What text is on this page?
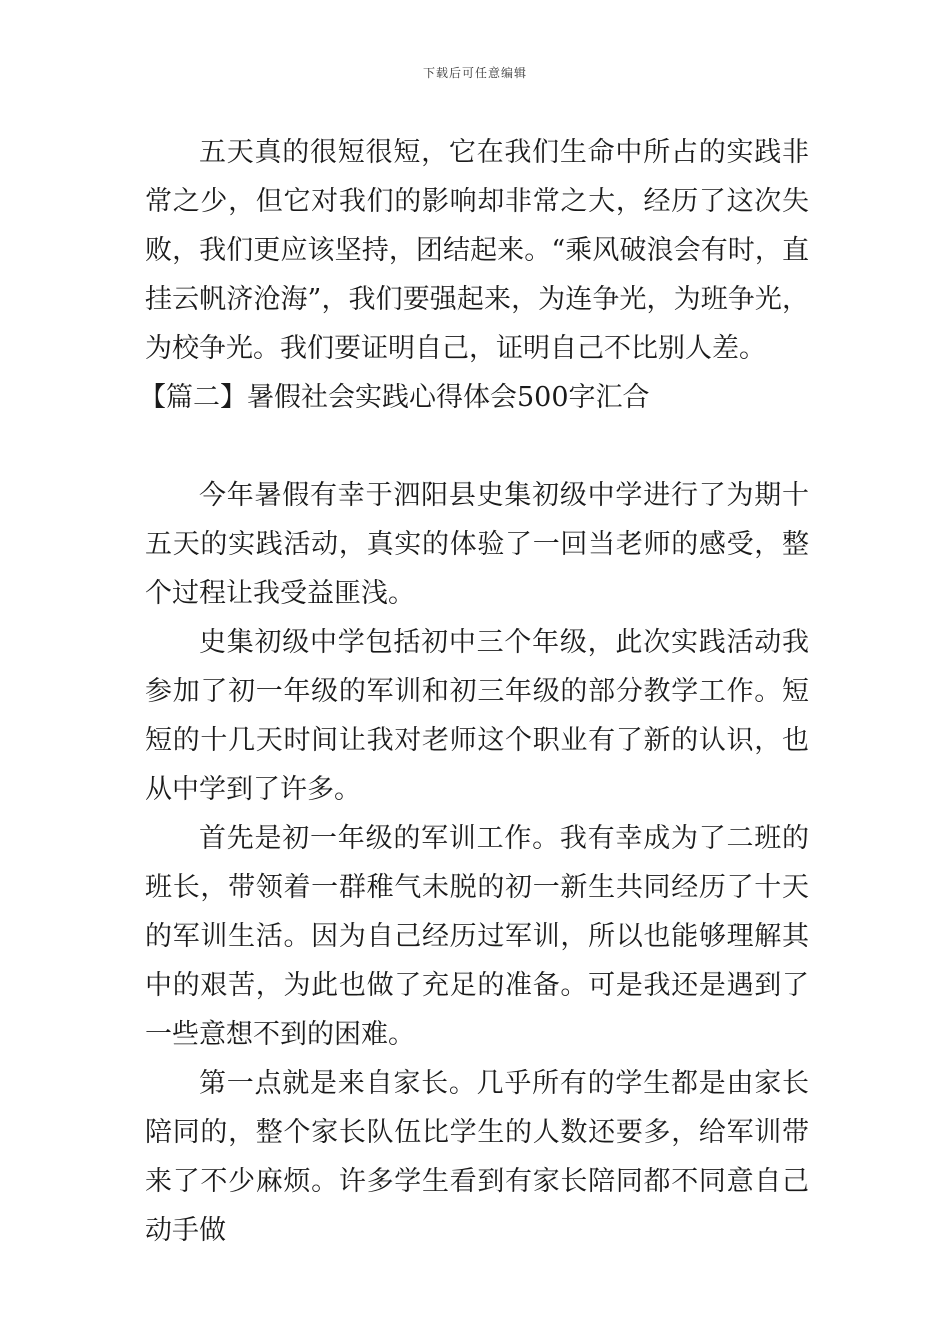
下载后可任意编辑

五天真的很短很短，它在我们生命中所占的实践非常之少，但它对我们的影响却非常之大，经历了这次失败，我们更应该坚持，团结起来。“乘风破浪会有时，直挂云帆济沧海”，我们要强起来，为连争光，为班争光，为校争光。我们要证明自己，证明自己不比别人差。

【篇二】暑假社会实践心得体会500字汇合

今年暑假有幸于泗阳县史集初级中学进行了为期十五天的实践活动，真实的体验了一回当老师的感受，整个过程让我受益匪浅。

史集初级中学包括初中三个年级，此次实践活动我参加了初一年级的军训和初三年级的部分教学工作。短短的十几天时间让我对老师这个职业有了新的认识，也从中学到了许多。

首先是初一年级的军训工作。我有幸成为了二班的班长，带领着一群稚气未脱的初一新生共同经历了十天的军训生活。因为自己经历过军训，所以也能够理解其中的艰苦，为此也做了充足的准备。可是我还是遇到了一些意想不到的困难。

第一点就是来自家长。几乎所有的学生都是由家长陪同的，整个家长队伍比学生的人数还要多，给军训带来了不少麻烦。许多学生看到有家长陪同都不同意自己动手做
